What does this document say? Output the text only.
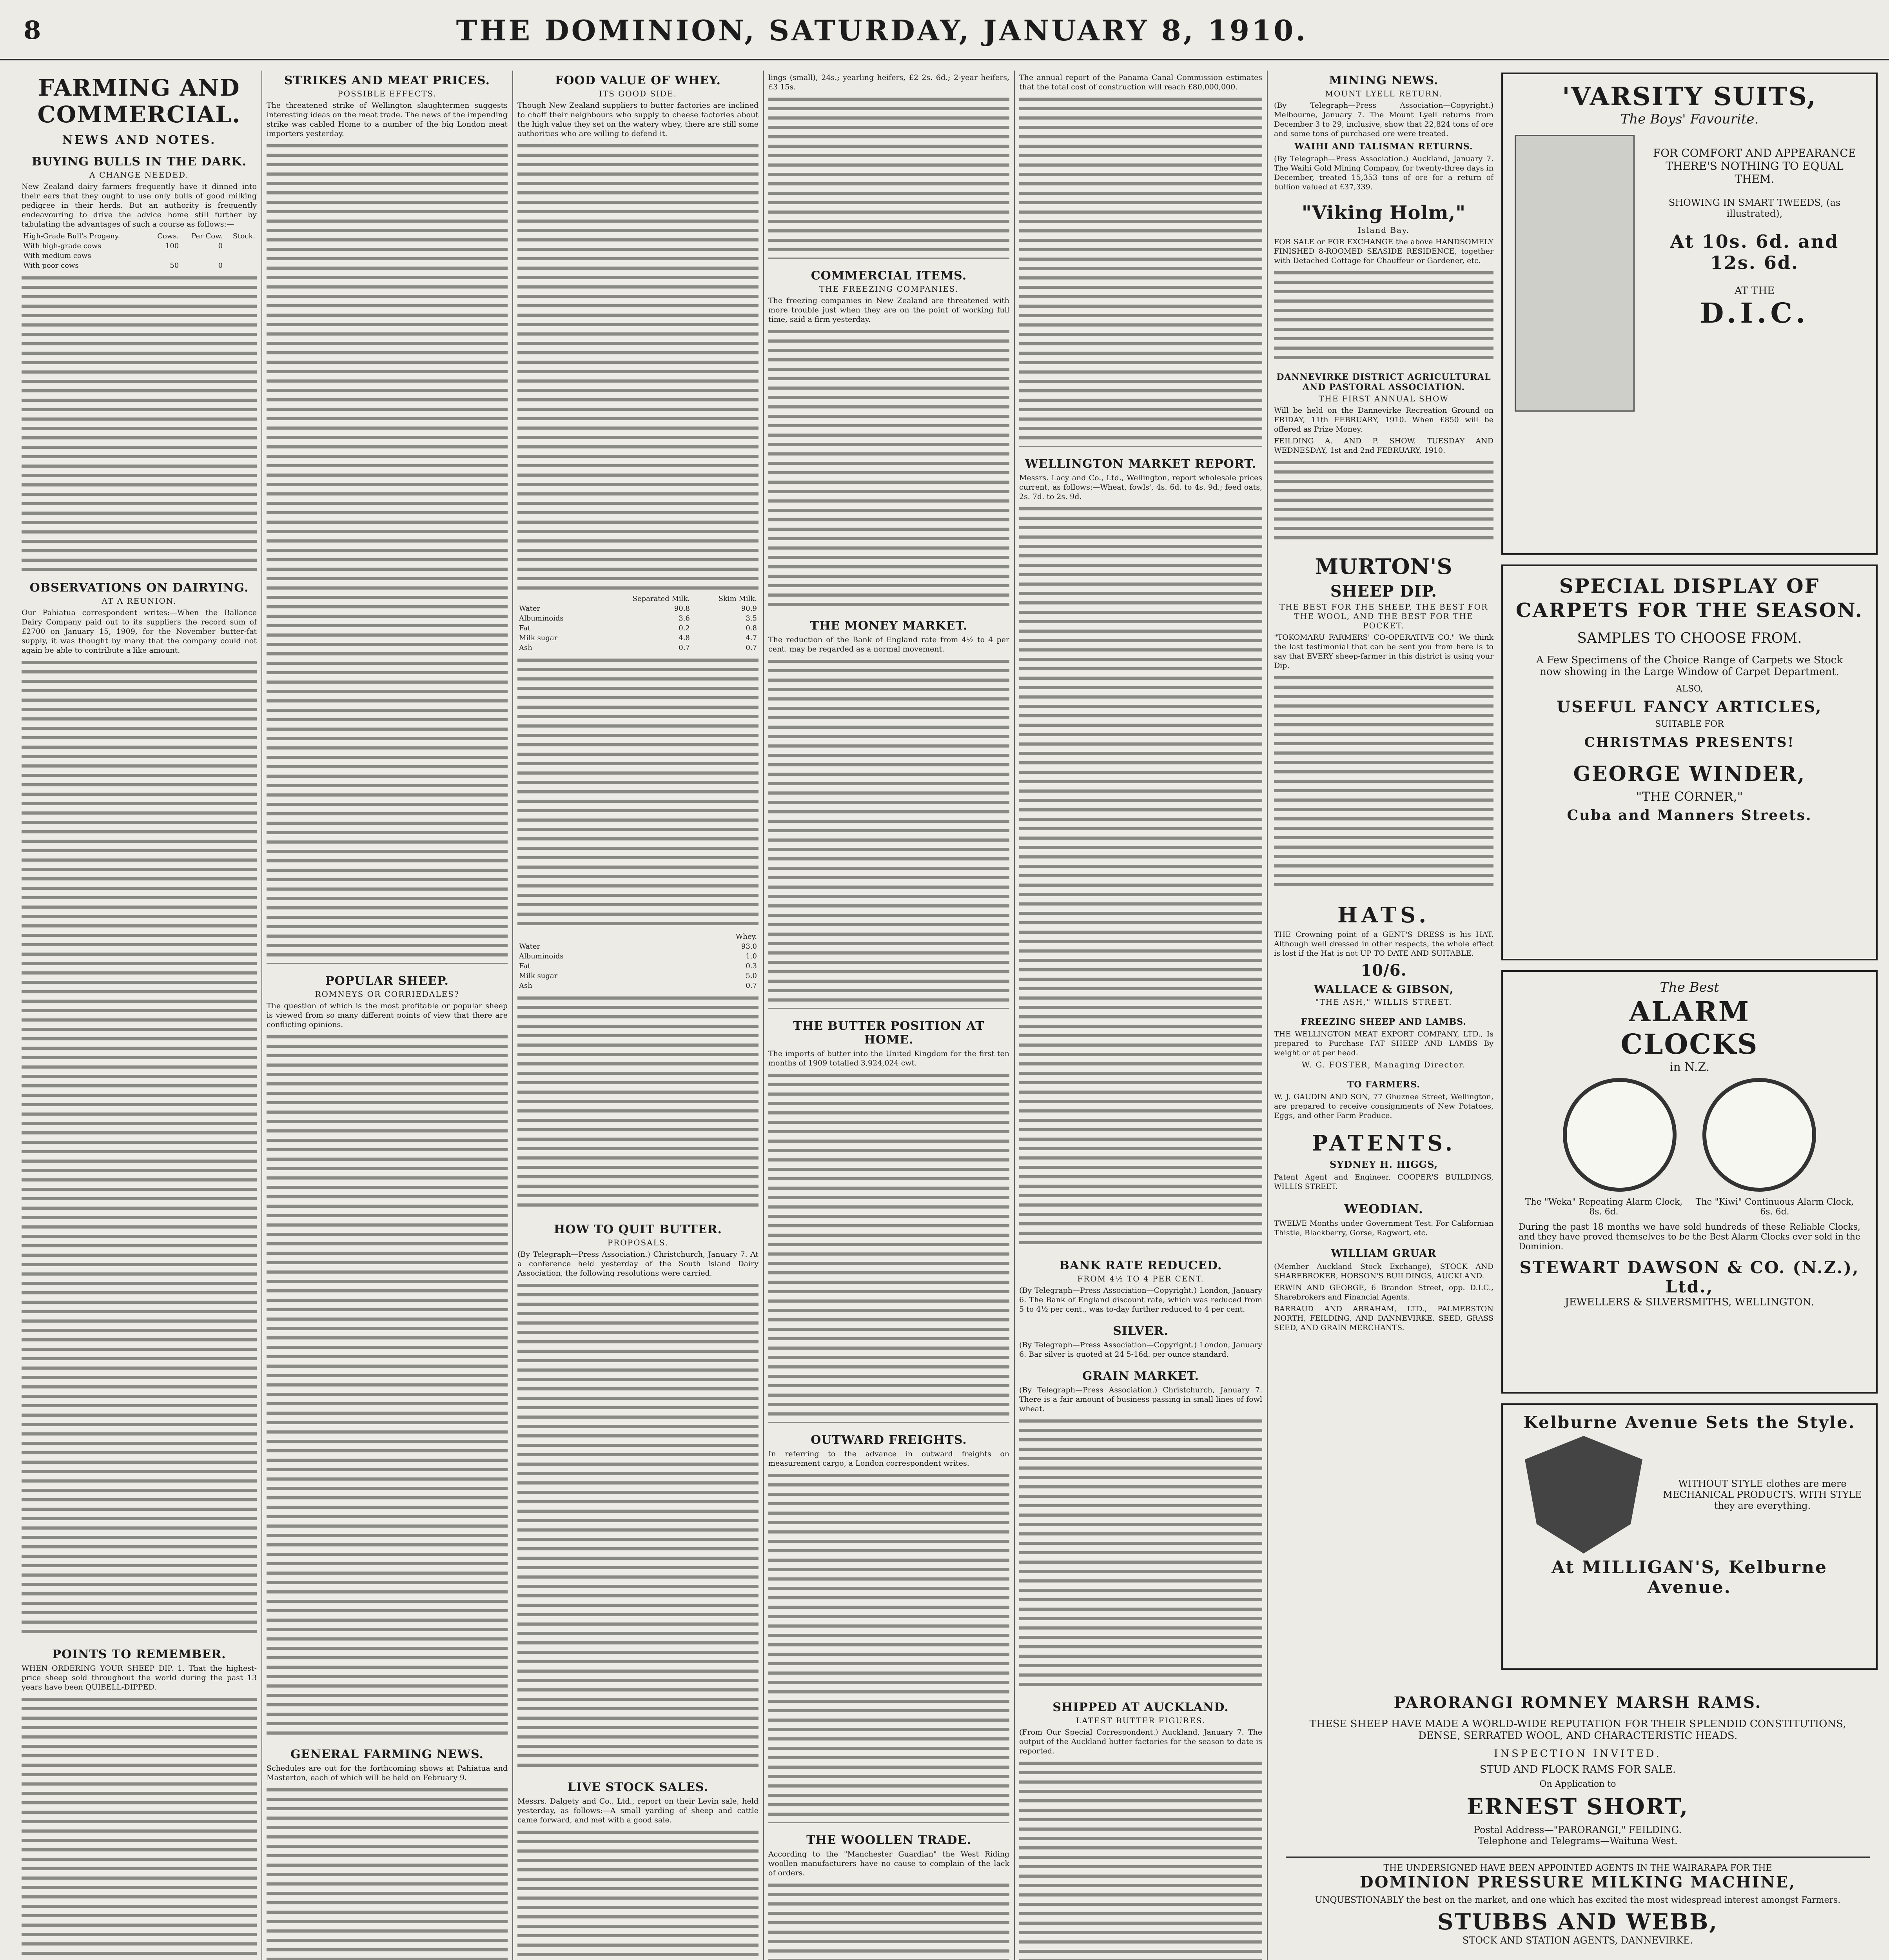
8	THE DOMINION, SATURDAY, JANUARY 8, 1910.
FARMING AND COMMERCIAL.
NEWS AND NOTES.
BUYING BULLS IN THE DARK.
A CHANGE NEEDED.
New Zealand dairy farmers frequently have it dinned into their ears that they ought to use only bulls of good milking pedigree in their herds. But an authority is frequently endeavouring to drive the advice home still further by tabulating the advantages of such a course as follows:—
High-Grade Bull's Progeny.	Cows.	Per Cow.	Stock.
With high-grade cows	100	0	
With medium cows			
With poor cows	50	0	
OBSERVATIONS ON DAIRYING.
AT A REUNION.
Our Pahiatua correspondent writes:—When the Ballance Dairy Company paid out to its suppliers the record sum of £2700 on January 15, 1909, for the November butter-fat supply, it was thought by many that the company could not again be able to contribute a like amount.
POINTS TO REMEMBER.
WHEN ORDERING YOUR SHEEP DIP. 1. That the highest-price sheep sold throughout the world during the past 13 years have been QUIBELL-DIPPED.
STRIKES AND MEAT PRICES.
POSSIBLE EFFECTS.
The threatened strike of Wellington slaughtermen suggests interesting ideas on the meat trade. The news of the impending strike was cabled Home to a number of the big London meat importers yesterday.
POPULAR SHEEP.
ROMNEYS OR CORRIEDALES?
The question of which is the most profitable or popular sheep is viewed from so many different points of view that there are conflicting opinions.
GENERAL FARMING NEWS.
Schedules are out for the forthcoming shows at Pahiatua and Masterton, each of which will be held on February 9.
FOOD VALUE OF WHEY.
ITS GOOD SIDE.
Though New Zealand suppliers to butter factories are inclined to chaff their neighbours who supply to cheese factories about the high value they set on the watery whey, there are still some authorities who are willing to defend it.
	Separated Milk.	Skim Milk.
Water	90.8	90.9
Albuminoids	3.6	3.5
Fat	0.2	0.8
Milk sugar	4.8	4.7
Ash	0.7	0.7
	Whey.
Water	93.0
Albuminoids	1.0
Fat	0.3
Milk sugar	5.0
Ash	0.7
HOW TO QUIT BUTTER.
PROPOSALS.
(By Telegraph—Press Association.) Christchurch, January 7. At a conference held yesterday of the South Island Dairy Association, the following resolutions were carried.
LIVE STOCK SALES.
Messrs. Dalgety and Co., Ltd., report on their Levin sale, held yesterday, as follows:—A small yarding of sheep and cattle came forward, and met with a good sale.
lings (small), 24s.; yearling heifers, £2 2s. 6d.; 2-year heifers, £3 15s.
COMMERCIAL ITEMS.
THE FREEZING COMPANIES.
The freezing companies in New Zealand are threatened with more trouble just when they are on the point of working full time, said a firm yesterday.
THE MONEY MARKET.
The reduction of the Bank of England rate from 4½ to 4 per cent. may be regarded as a normal movement.
THE BUTTER POSITION AT HOME.
The imports of butter into the United Kingdom for the first ten months of 1909 totalled 3,924,024 cwt.
OUTWARD FREIGHTS.
In referring to the advance in outward freights on measurement cargo, a London correspondent writes.
THE WOOLLEN TRADE.
According to the "Manchester Guardian" the West Riding woollen manufacturers have no cause to complain of the lack of orders.
The annual report of the Panama Canal Commission estimates that the total cost of construction will reach £80,000,000.
WELLINGTON MARKET REPORT.
Messrs. Lacy and Co., Ltd., Wellington, report wholesale prices current, as follows:—Wheat, fowls', 4s. 6d. to 4s. 9d.; feed oats, 2s. 7d. to 2s. 9d.
BANK RATE REDUCED.
FROM 4½ TO 4 PER CENT.
(By Telegraph—Press Association—Copyright.) London, January 6. The Bank of England discount rate, which was reduced from 5 to 4½ per cent., was to-day further reduced to 4 per cent.
SILVER.
(By Telegraph—Press Association—Copyright.) London, January 6. Bar silver is quoted at 24 5-16d. per ounce standard.
GRAIN MARKET.
(By Telegraph—Press Association.) Christchurch, January 7. There is a fair amount of business passing in small lines of fowl wheat.
SHIPPED AT AUCKLAND.
LATEST BUTTER FIGURES.
(From Our Special Correspondent.) Auckland, January 7. The output of the Auckland butter factories for the season to date is reported.
MINING NEWS.
MOUNT LYELL RETURN.
(By Telegraph—Press Association—Copyright.) Melbourne, January 7. The Mount Lyell returns from December 3 to 29, inclusive, show that 22,824 tons of ore and some tons of purchased ore were treated.
WAIHI AND TALISMAN RETURNS.
(By Telegraph—Press Association.) Auckland, January 7. The Waihi Gold Mining Company, for twenty-three days in December, treated 15,353 tons of ore for a return of bullion valued at £37,339.
"Viking Holm,"
Island Bay.
FOR SALE or FOR EXCHANGE the above HANDSOMELY FINISHED 8-ROOMED SEASIDE RESIDENCE, together with Detached Cottage for Chauffeur or Gardener, etc.
DANNEVIRKE DISTRICT AGRICULTURAL AND PASTORAL ASSOCIATION.
THE FIRST ANNUAL SHOW
Will be held on the Dannevirke Recreation Ground on FRIDAY, 11th FEBRUARY, 1910. When £850 will be offered as Prize Money.
FEILDING A. AND P. SHOW. TUESDAY AND WEDNESDAY, 1st and 2nd FEBRUARY, 1910.
MURTON'S
SHEEP DIP.
THE BEST FOR THE SHEEP, THE BEST FOR THE WOOL, AND THE BEST FOR THE POCKET.
"TOKOMARU FARMERS' CO-OPERATIVE CO." We think the last testimonial that can be sent you from here is to say that EVERY sheep-farmer in this district is using your Dip.
HATS.
THE Crowning point of a GENT'S DRESS is his HAT. Although well dressed in other respects, the whole effect is lost if the Hat is not UP TO DATE AND SUITABLE.
10/6.
WALLACE & GIBSON,
"THE ASH," WILLIS STREET.
FREEZING SHEEP AND LAMBS.
THE WELLINGTON MEAT EXPORT COMPANY, LTD., Is prepared to Purchase FAT SHEEP AND LAMBS By weight or at per head.
W. G. FOSTER, Managing Director.
TO FARMERS.
W. J. GAUDIN AND SON, 77 Ghuznee Street, Wellington, are prepared to receive consignments of New Potatoes, Eggs, and other Farm Produce.
PATENTS.
SYDNEY H. HIGGS,
Patent Agent and Engineer, COOPER'S BUILDINGS, WILLIS STREET.
WEODIAN.
TWELVE Months under Government Test. For Californian Thistle, Blackberry, Gorse, Ragwort, etc.
WILLIAM GRUAR
(Member Auckland Stock Exchange), STOCK AND SHAREBROKER, HOBSON'S BUILDINGS, AUCKLAND.
ERWIN AND GEORGE, 6 Brandon Street, opp. D.I.C., Sharebrokers and Financial Agents.
BARRAUD AND ABRAHAM, LTD., PALMERSTON NORTH, FEILDING, AND DANNEVIRKE. SEED, GRASS SEED, AND GRAIN MERCHANTS.
'VARSITY SUITS,
The Boys' Favourite.
FOR COMFORT AND APPEARANCE THERE'S NOTHING TO EQUAL THEM.
SHOWING IN SMART TWEEDS, (as illustrated),
At 10s. 6d. and 12s. 6d.
AT THE
D.I.C.
SPECIAL DISPLAY OF CARPETS FOR THE SEASON.
SAMPLES TO CHOOSE FROM.
A Few Specimens of the Choice Range of Carpets we Stock now showing in the Large Window of Carpet Department.
ALSO,
USEFUL FANCY ARTICLES,
SUITABLE FOR
CHRISTMAS PRESENTS!
GEORGE WINDER,
"THE CORNER,"
Cuba and Manners Streets.
The Best
ALARM
CLOCKS
in N.Z.

The "Weka" Repeating Alarm Clock, 8s. 6d.
The "Kiwi" Continuous Alarm Clock, 6s. 6d.
During the past 18 months we have sold hundreds of these Reliable Clocks, and they have proved themselves to be the Best Alarm Clocks ever sold in the Dominion.
STEWART DAWSON & CO. (N.Z.), Ltd.,
JEWELLERS & SILVERSMITHS, WELLINGTON.
Kelburne Avenue Sets the Style.
WITHOUT STYLE clothes are mere MECHANICAL PRODUCTS. WITH STYLE they are everything.
At MILLIGAN'S, Kelburne Avenue.
PARORANGI ROMNEY MARSH RAMS.
THESE SHEEP HAVE MADE A WORLD-WIDE REPUTATION FOR THEIR SPLENDID CONSTITUTIONS, DENSE, SERRATED WOOL, AND CHARACTERISTIC HEADS.
INSPECTION INVITED.
STUD AND FLOCK RAMS FOR SALE.
On Application to
ERNEST SHORT,
Postal Address—"PARORANGI," FEILDING.
Telephone and Telegrams—Waituna West.
THE UNDERSIGNED HAVE BEEN APPOINTED AGENTS IN THE WAIRARAPA FOR THE
DOMINION PRESSURE MILKING MACHINE,
UNQUESTIONABLY the best on the market, and one which has excited the most widespread interest amongst Farmers.
STUBBS AND WEBB,
STOCK AND STATION AGENTS, DANNEVIRKE.
